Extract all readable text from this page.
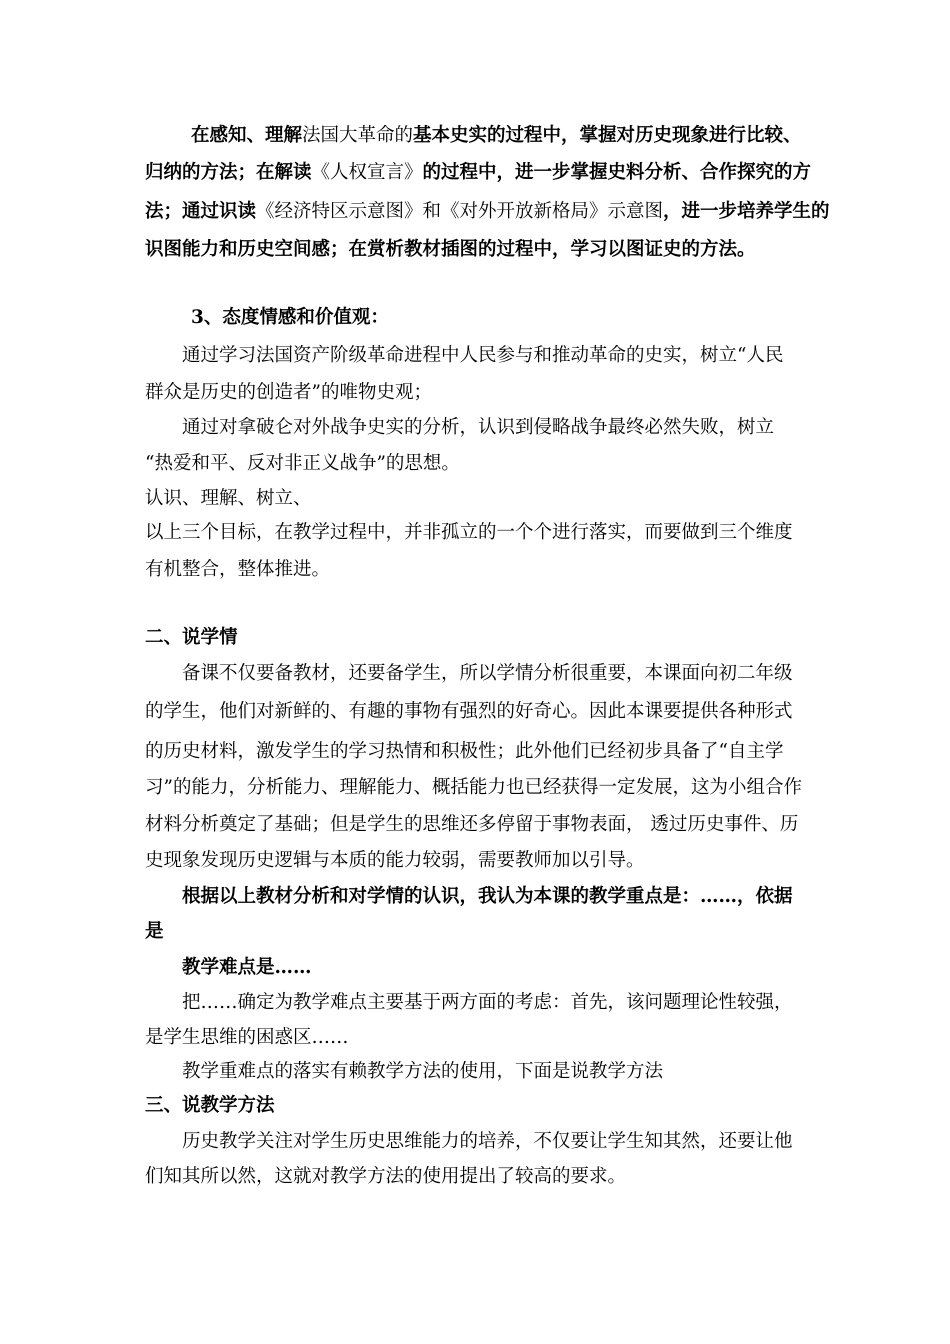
在感知、理解法国大革命的基本史实的过程中，掌握对历史现象进行比较、
归纳的方法；在解读《人权宣言》的过程中，进一步掌握史料分析、合作探究的方
法；通过识读《经济特区示意图》和《对外开放新格局》示意图，进一步培养学生的
识图能力和历史空间感；在赏析教材插图的过程中，学习以图证史的方法。
3、态度情感和价值观：
通过学习法国资产阶级革命进程中人民参与和推动革命的史实，树立“人民
群众是历史的创造者”的唯物史观；
通过对拿破仑对外战争史实的分析，认识到侵略战争最终必然失败，树立
“热爱和平、反对非正义战争”的思想。
认识、理解、树立、
以上三个目标，在教学过程中，并非孤立的一个个进行落实，而要做到三个维度
有机整合，整体推进。
二、说学情
备课不仅要备教材，还要备学生，所以学情分析很重要，本课面向初二年级
的学生，他们对新鲜的、有趣的事物有强烈的好奇心。因此本课要提供各种形式
的历史材料，激发学生的学习热情和积极性；此外他们已经初步具备了“自主学
习”的能力，分析能力、理解能力、概括能力也已经获得一定发展，这为小组合作
材料分析奠定了基础；但是学生的思维还多停留于事物表面， 透过历史事件、历
史现象发现历史逻辑与本质的能力较弱，需要教师加以引导。
根据以上教材分析和对学情的认识，我认为本课的教学重点是：……，依据
是
教学难点是……
把……确定为教学难点主要基于两方面的考虑：首先，该问题理论性较强，
是学生思维的困惑区……
教学重难点的落实有赖教学方法的使用，下面是说教学方法
三、说教学方法
历史教学关注对学生历史思维能力的培养，不仅要让学生知其然，还要让他
们知其所以然，这就对教学方法的使用提出了较高的要求。
